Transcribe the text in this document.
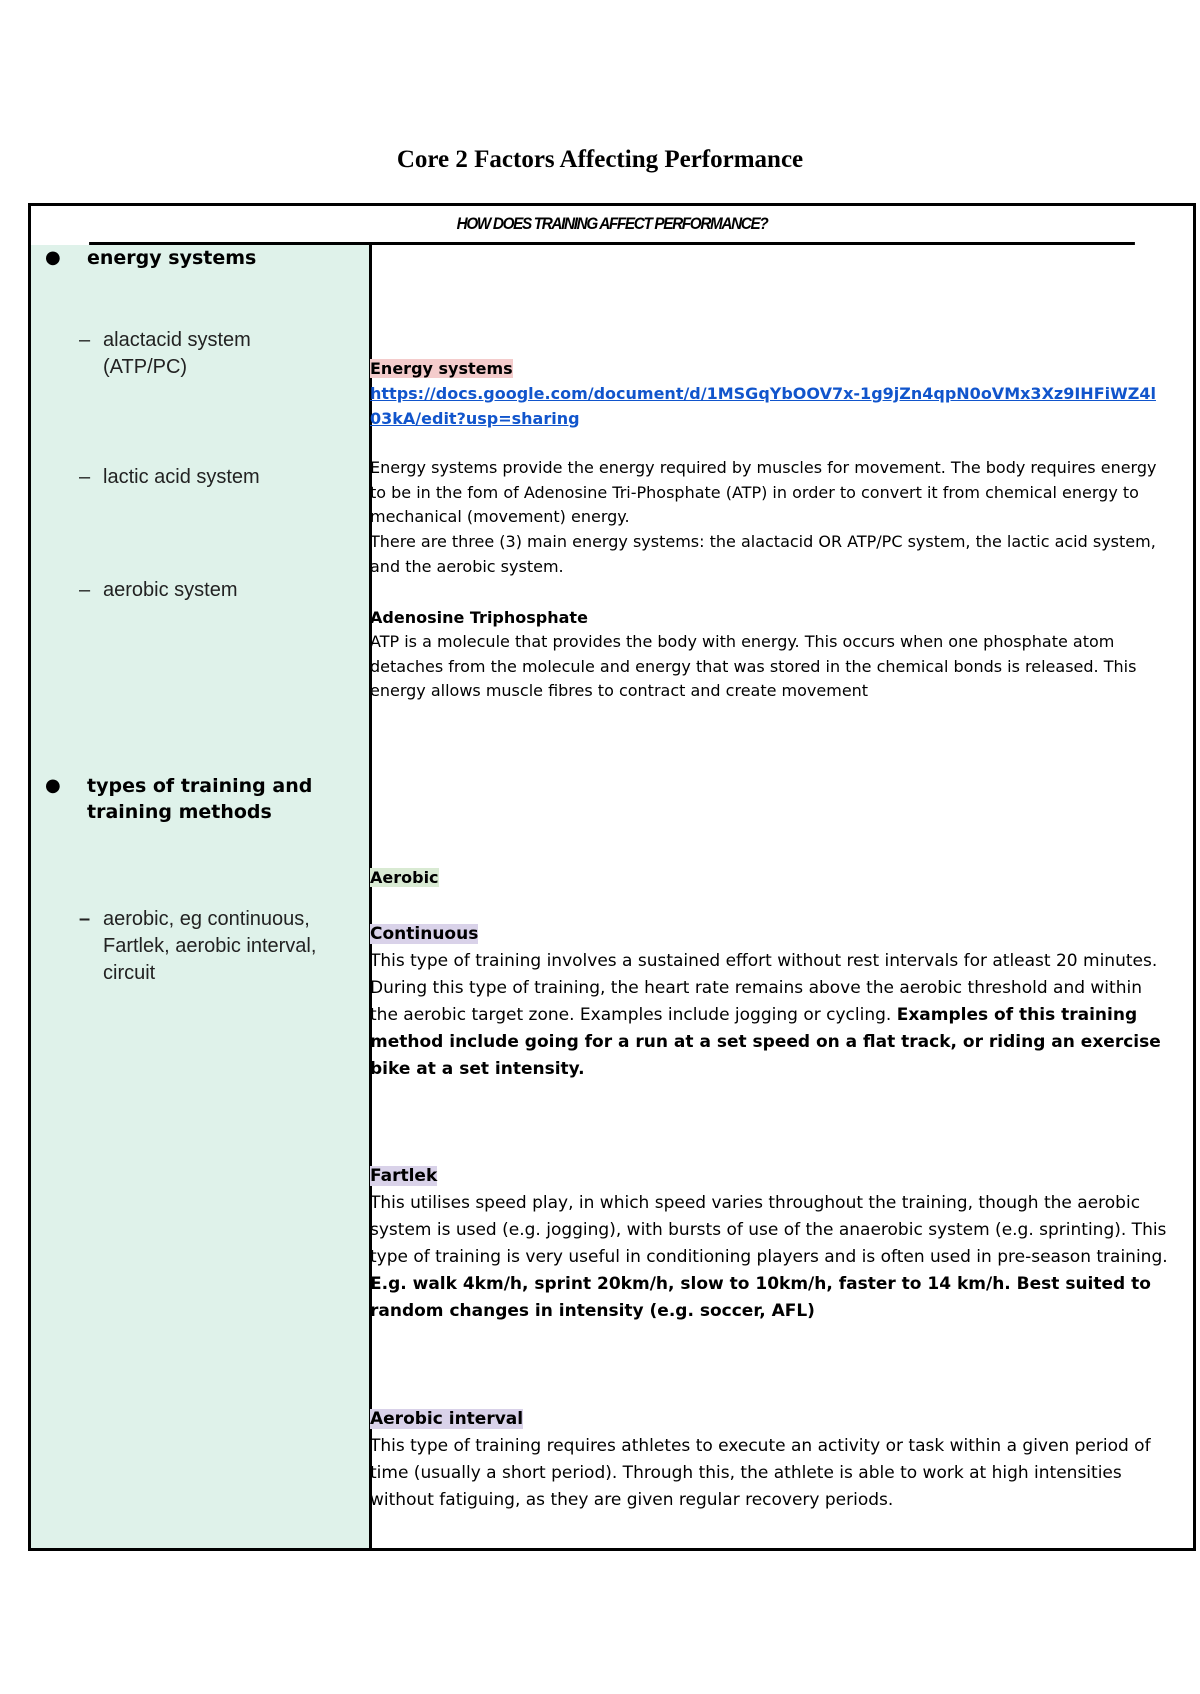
Core 2 Factors Affecting Performance
HOW DOES TRAINING AFFECT PERFORMANCE?
● energy systems
– alactacid system (ATP/PC)
– lactic acid system
– aerobic system
● types of training and training methods
– aerobic, eg continuous, Fartlek, aerobic interval, circuit
Energy systems
https://docs.google.com/document/d/1MSGqYbOOV7x-1g9jZn4qpN0oVMx3Xz9IHFiWZ4l03kA/edit?usp=sharing
Energy systems provide the energy required by muscles for movement. The body requires energy to be in the fom of Adenosine Tri-Phosphate (ATP) in order to convert it from chemical energy to mechanical (movement) energy.
There are three (3) main energy systems: the alactacid OR ATP/PC system, the lactic acid system, and the aerobic system.
Adenosine Triphosphate
ATP is a molecule that provides the body with energy. This occurs when one phosphate atom detaches from the molecule and energy that was stored in the chemical bonds is released. This energy allows muscle fibres to contract and create movement
Aerobic
Continuous
This type of training involves a sustained effort without rest intervals for atleast 20 minutes. During this type of training, the heart rate remains above the aerobic threshold and within the aerobic target zone. Examples include jogging or cycling. Examples of this training method include going for a run at a set speed on a flat track, or riding an exercise bike at a set intensity.
Fartlek
This utilises speed play, in which speed varies throughout the training, though the aerobic system is used (e.g. jogging), with bursts of use of the anaerobic system (e.g. sprinting). This type of training is very useful in conditioning players and is often used in pre-season training. E.g. walk 4km/h, sprint 20km/h, slow to 10km/h, faster to 14 km/h. Best suited to random changes in intensity (e.g. soccer, AFL)
Aerobic interval
This type of training requires athletes to execute an activity or task within a given period of time (usually a short period). Through this, the athlete is able to work at high intensities without fatiguing, as they are given regular recovery periods.
